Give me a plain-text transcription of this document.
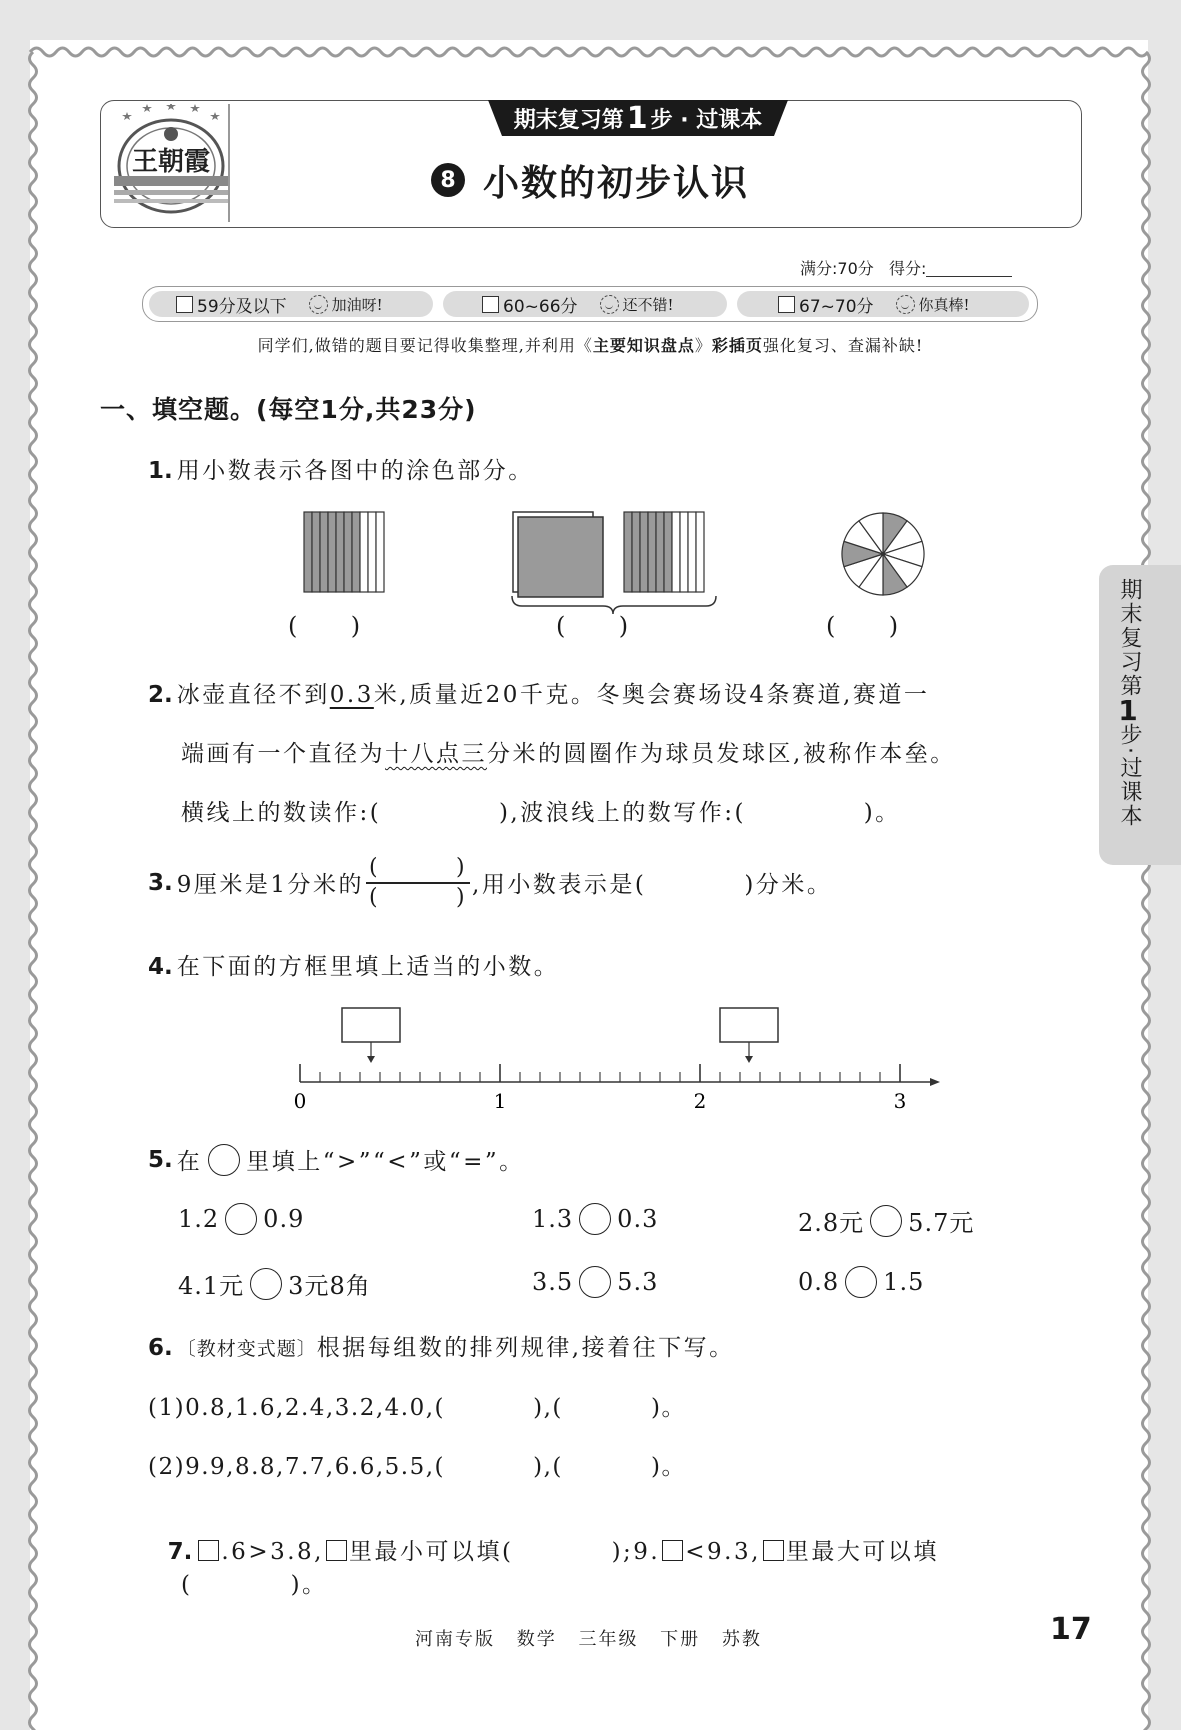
王朝霞
期末复习第 1 步 · 过课本
8 小数的初步认识
满分:70分 得分:
59分及以下	加油呀!	60~66分	还不错!	67~70分	你真棒!
同学们,做错的题目要记得收集整理,并利用《主要知识盘点》彩插页强化复习、查漏补缺!
一、填空题。(每空1分,共23分)
1. 用小数表示各图中的涂色部分。
(       )	(       )	(       )
2. 冰壶直径不到0.3米,质量近20千克。冬奥会赛场设4条赛道,赛道一
端画有一个直径为十八点三分米的圆圈作为球员发球区,被称作本垒。
横线上的数读作:(            ),波浪线上的数写作:(            )。
3. 9厘米是1分米的 $\frac{( )}{( )}$ ,用小数表示是(          )分米。
4. 在下面的方框里填上适当的小数。
0	1	2	3
5. 在 里填上“>”“<”或“=”。
1.2 0.9	1.3 0.3	2.8元 5.7元
4.1元 3元8角	3.5 5.3	0.8 1.5
6. 〔教材变式题〕根据每组数的排列规律,接着往下写。
(1)0.8,1.6,2.4,3.2,4.0,(          ),(          )。
(2)9.9,8.8,7.7,6.6,5.5,(          ),(          )。

7. .6>3.8, 里最小可以填(          );9. <9.3, 里最大可以填

(          )。
期末复习第1步·过课本
河南专版 数学 三年级 下册 苏教	17
